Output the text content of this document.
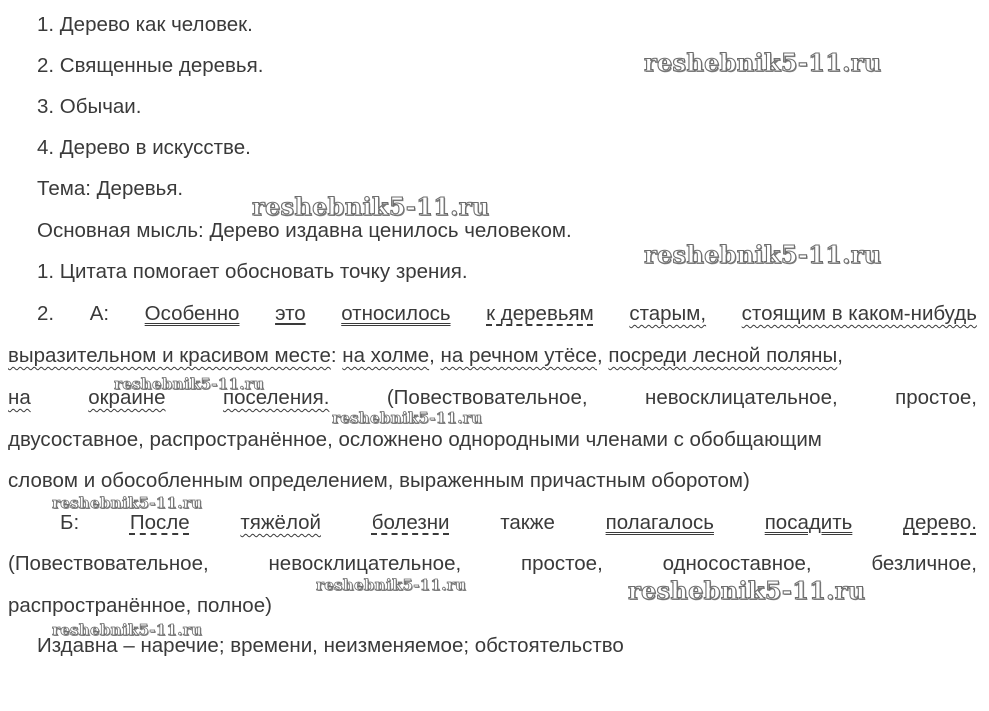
1. Дерево как человек.
2. Священные деревья.
3. Обычаи.
4. Дерево в искусстве.
Тема: Деревья.
Основная мысль: Дерево издавна ценилось человеком.
1. Цитата помогает обосновать точку зрения.
2. А: Особенно это относилось к деревьям старым, стоящим в каком-нибудь
выразительном и красивом месте: на холме, на речном утёсе, посреди лесной поляны,
на	окраине	поселения.	(Повествовательное,	невосклицательное,	простое,
двусоставное, распространённое, осложнено однородными членами с обобщающим
словом и обособленным определением, выраженным причастным оборотом)
Б: После тяжёлой болезни также полагалось посадить дерево.
(Повествовательное,	невосклицательное,	простое,	односоставное,	безличное,
распространённое, полное)
Издавна – наречие; времени, неизменяемое; обстоятельство
reshebnik5-11.ru
reshebnik5-11.ru
reshebnik5-11.ru
reshebnik5-11.ru
reshebnik5-11.ru
reshebnik5-11.ru
reshebnik5-11.ru	reshebnik5-11.ru
reshebnik5-11.ru
